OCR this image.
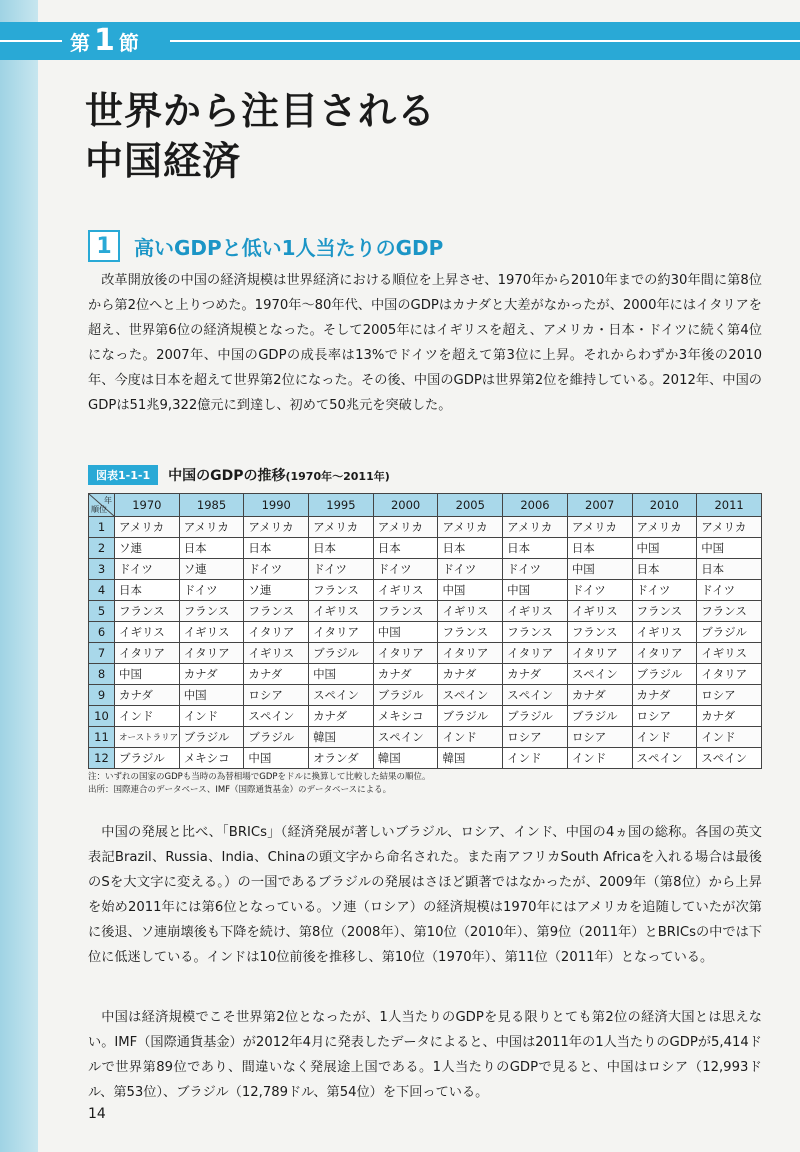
第 1 節
世界から注目される
中国経済
1	高いGDPと低い1人当たりのGDP

改革開放後の中国の経済規模は世界経済における順位を上昇させ、1970年から2010年までの約30年間に第8位から第2位へと上りつめた。1970年～80年代、中国のGDPはカナダと大差がなかったが、2000年にはイタリアを超え、世界第6位の経済規模となった。そして2005年にはイギリスを超え、アメリカ・日本・ドイツに続く第4位になった。2007年、中国のGDPの成長率は13%でドイツを超えて第3位に上昇。それからわずか3年後の2010年、今度は日本を超えて世界第2位になった。その後、中国のGDPは世界第2位を維持している。2012年、中国のGDPは51兆9,322億元に到達し、初めて50兆元を突破した。

図表1-1-1	中国のGDPの推移(1970年～2011年)
年
順位	1970	1985	1990	1995	2000	2005	2006	2007	2010	2011
1	アメリカ	アメリカ	アメリカ	アメリカ	アメリカ	アメリカ	アメリカ	アメリカ	アメリカ	アメリカ
2	ソ連	日本	日本	日本	日本	日本	日本	日本	中国	中国
3	ドイツ	ソ連	ドイツ	ドイツ	ドイツ	ドイツ	ドイツ	中国	日本	日本
4	日本	ドイツ	ソ連	フランス	イギリス	中国	中国	ドイツ	ドイツ	ドイツ
5	フランス	フランス	フランス	イギリス	フランス	イギリス	イギリス	イギリス	フランス	フランス
6	イギリス	イギリス	イタリア	イタリア	中国	フランス	フランス	フランス	イギリス	ブラジル
7	イタリア	イタリア	イギリス	ブラジル	イタリア	イタリア	イタリア	イタリア	イタリア	イギリス
8	中国	カナダ	カナダ	中国	カナダ	カナダ	カナダ	スペイン	ブラジル	イタリア
9	カナダ	中国	ロシア	スペイン	ブラジル	スペイン	スペイン	カナダ	カナダ	ロシア
10	インド	インド	スペイン	カナダ	メキシコ	ブラジル	ブラジル	ブラジル	ロシア	カナダ
11	オーストラリア	ブラジル	ブラジル	韓国	スペイン	インド	ロシア	ロシア	インド	インド
12	ブラジル	メキシコ	中国	オランダ	韓国	韓国	インド	インド	スペイン	スペイン
注：いずれの国家のGDPも当時の為替相場でGDPをドルに換算して比較した結果の順位。
出所：国際連合のデータベース、IMF（国際通貨基金）のデータベースによる。

中国の発展と比べ、「BRICs」（経済発展が著しいブラジル、ロシア、インド、中国の4ヵ国の総称。各国の英文表記Brazil、Russia、India、Chinaの頭文字から命名された。また南アフリカSouth Africaを入れる場合は最後のSを大文字に変える。）の一国であるブラジルの発展はさほど顕著ではなかったが、2009年（第8位）から上昇を始め2011年には第6位となっている。ソ連（ロシア）の経済規模は1970年にはアメリカを追随していたが次第に後退、ソ連崩壊後も下降を続け、第8位（2008年）、第10位（2010年）、第9位（2011年）とBRICsの中では下位に低迷している。インドは10位前後を推移し、第10位（1970年）、第11位（2011年）となっている。

中国は経済規模でこそ世界第2位となったが、1人当たりのGDPを見る限りとても第2位の経済大国とは思えない。IMF（国際通貨基金）が2012年4月に発表したデータによると、中国は2011年の1人当たりのGDPが5,414ドルで世界第89位であり、間違いなく発展途上国である。1人当たりのGDPで見ると、中国はロシア（12,993ドル、第53位）、ブラジル（12,789ドル、第54位）を下回っている。

14
